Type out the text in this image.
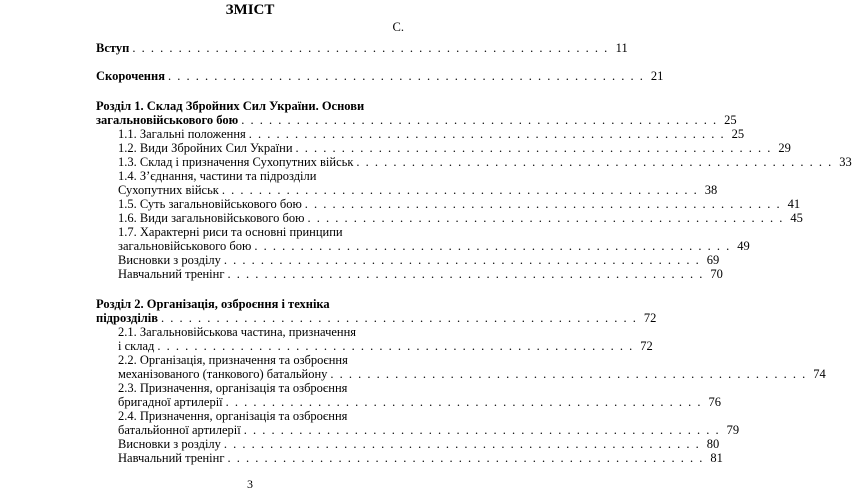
ЗМІСТ
С.
Вступ . . . . . . . . . . . . . . . . . . . . . . . . . . . . . . . . . . . . . . . . . . . . . . . . . . . . 11
Скорочення . . . . . . . . . . . . . . . . . . . . . . . . . . . . . . . . . . . . . . . . . . . . . . . . . . . . 21
Розділ 1. Склад Збройних Сил України. Основи
загальновійськового бою . . . . . . . . . . . . . . . . . . . . . . . . . . . . . . . . . . . . . . . . . . . . . . . . . . . . 25
1.1. Загальні положення . . . . . . . . . . . . . . . . . . . . . . . . . . . . . . . . . . . . . . . . . . . . . . . . . . . . 25
1.2. Види Збройних Сил України . . . . . . . . . . . . . . . . . . . . . . . . . . . . . . . . . . . . . . . . . . . . . . . . . . . . 29
1.3. Склад і призначення Сухопутних військ . . . . . . . . . . . . . . . . . . . . . . . . . . . . . . . . . . . . . . . . . . . . . . . . . . . . 33
1.4. З’єднання, частини та підрозділи
Сухопутних військ . . . . . . . . . . . . . . . . . . . . . . . . . . . . . . . . . . . . . . . . . . . . . . . . . . . . 38
1.5. Суть загальновійськового бою . . . . . . . . . . . . . . . . . . . . . . . . . . . . . . . . . . . . . . . . . . . . . . . . . . . . 41
1.6. Види загальновійськового бою . . . . . . . . . . . . . . . . . . . . . . . . . . . . . . . . . . . . . . . . . . . . . . . . . . . . 45
1.7. Характерні риси та основні принципи
загальновійськового бою . . . . . . . . . . . . . . . . . . . . . . . . . . . . . . . . . . . . . . . . . . . . . . . . . . . . 49
Висновки з розділу . . . . . . . . . . . . . . . . . . . . . . . . . . . . . . . . . . . . . . . . . . . . . . . . . . . . 69
Навчальний тренінг . . . . . . . . . . . . . . . . . . . . . . . . . . . . . . . . . . . . . . . . . . . . . . . . . . . . 70
Розділ 2. Організація, озброєння і техніка
підрозділів . . . . . . . . . . . . . . . . . . . . . . . . . . . . . . . . . . . . . . . . . . . . . . . . . . . . 72
2.1. Загальновійськова частина, призначення
і склад . . . . . . . . . . . . . . . . . . . . . . . . . . . . . . . . . . . . . . . . . . . . . . . . . . . . 72
2.2. Організація, призначення та озброєння
механізованого (танкового) батальйону . . . . . . . . . . . . . . . . . . . . . . . . . . . . . . . . . . . . . . . . . . . . . . . . . . . . 74
2.3. Призначення, організація та озброєння
бригадної артилерії . . . . . . . . . . . . . . . . . . . . . . . . . . . . . . . . . . . . . . . . . . . . . . . . . . . . 76
2.4. Призначення, організація та озброєння
батальйонної артилерії . . . . . . . . . . . . . . . . . . . . . . . . . . . . . . . . . . . . . . . . . . . . . . . . . . . . 79
Висновки з розділу . . . . . . . . . . . . . . . . . . . . . . . . . . . . . . . . . . . . . . . . . . . . . . . . . . . . 80
Навчальний тренінг . . . . . . . . . . . . . . . . . . . . . . . . . . . . . . . . . . . . . . . . . . . . . . . . . . . . 81
3
